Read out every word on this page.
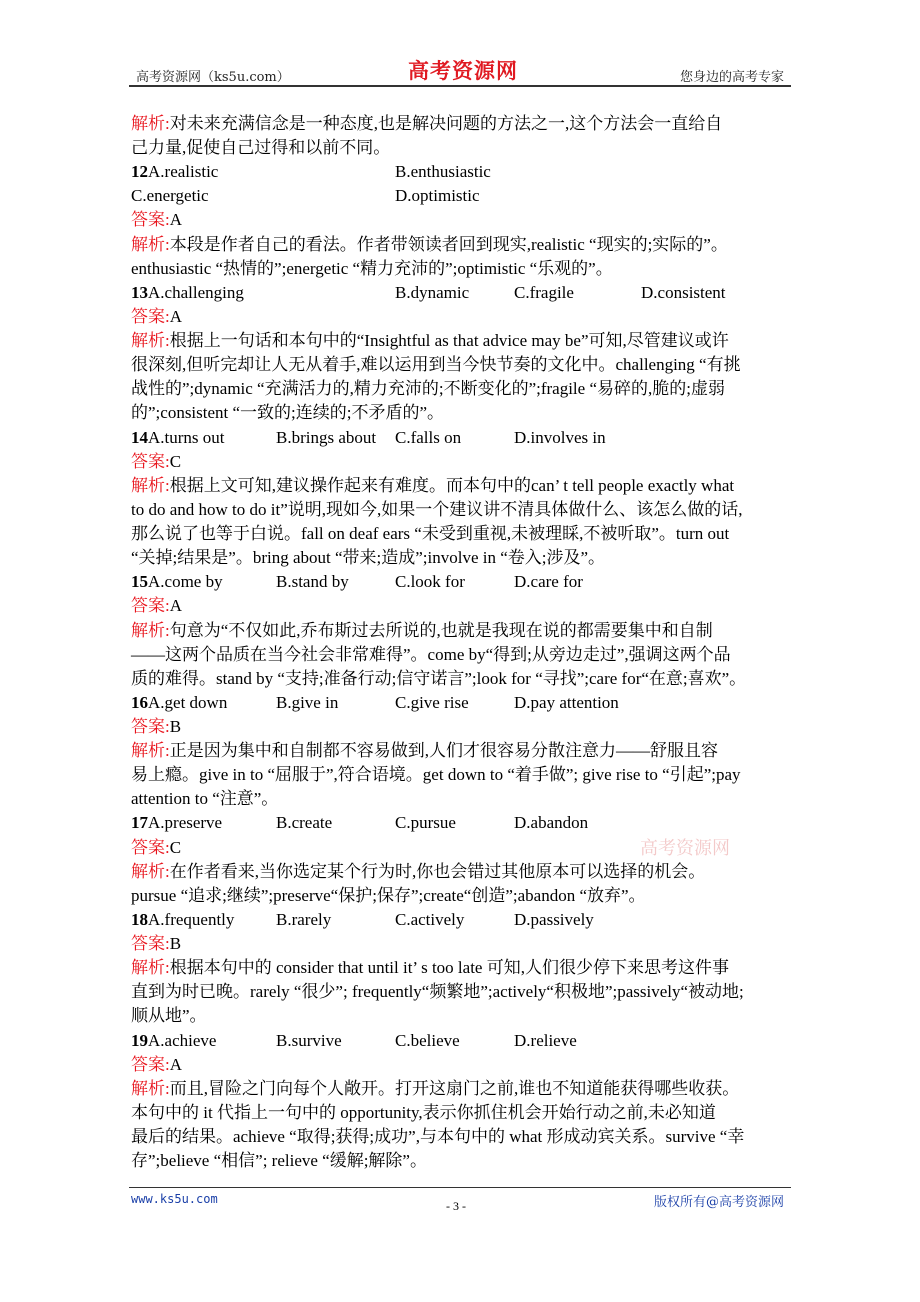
高考资源网（ks5u.com）	高考资源网	您身边的高考专家
解析:对未来充满信念是一种态度,也是解决问题的方法之一,这个方法会一直给自
己力量,促使自己过得和以前不同。
12A.realistic	B.enthusiastic
C.energetic	D.optimistic
答案:A
解析:本段是作者自己的看法。作者带领读者回到现实,realistic “现实的;实际的”。
enthusiastic “热情的”;energetic “精力充沛的”;optimistic “乐观的”。
13A.challenging	B.dynamic	C.fragile	D.consistent
答案:A
解析:根据上一句话和本句中的“Insightful as that advice may be”可知,尽管建议或许
很深刻,但听完却让人无从着手,难以运用到当今快节奏的文化中。challenging “有挑
战性的”;dynamic “充满活力的,精力充沛的;不断变化的”;fragile “易碎的,脆的;虚弱
的”;consistent “一致的;连续的;不矛盾的”。
14A.turns out	B.brings about C.falls on	D.involves in
答案:C
解析:根据上文可知,建议操作起来有难度。而本句中的can’ t tell people exactly what
to do and how to do it”说明,现如今,如果一个建议讲不清具体做什么、该怎么做的话,
那么说了也等于白说。fall on deaf ears “未受到重视,未被理睬,不被听取”。turn out
“关掉;结果是”。bring about “带来;造成”;involve in “卷入;涉及”。
15A.come by	B.stand by	C.look for	D.care for
答案:A
解析:句意为“不仅如此,乔布斯过去所说的,也就是我现在说的都需要集中和自制
——这两个品质在当今社会非常难得”。come by“得到;从旁边走过”,强调这两个品
质的难得。stand by “支持;准备行动;信守诺言”;look for “寻找”;care for“在意;喜欢”。
16A.get down	B.give in	C.give rise	D.pay attention
答案:B
解析:正是因为集中和自制都不容易做到,人们才很容易分散注意力——舒服且容
易上瘾。give in to “屈服于”,符合语境。get down to “着手做”; give rise to “引起”;pay
attention to “注意”。
17A.preserve	B.create	C.pursue	D.abandon
答案:C
解析:在作者看来,当你选定某个行为时,你也会错过其他原本可以选择的机会。
pursue “追求;继续”;preserve“保护;保存”;create“创造”;abandon “放弃”。
18A.frequently B.rarely	C.actively	D.passively
答案:B
解析:根据本句中的 consider that until it’ s too late 可知,人们很少停下来思考这件事
直到为时已晚。rarely “很少”; frequently“频繁地”;actively“积极地”;passively“被动地;
顺从地”。
19A.achieve	B.survive	C.believe	D.relieve
答案:A
解析:而且,冒险之门向每个人敞开。打开这扇门之前,谁也不知道能获得哪些收获。
本句中的 it 代指上一句中的 opportunity,表示你抓住机会开始行动之前,未必知道
最后的结果。achieve “取得;获得;成功”,与本句中的 what 形成动宾关系。survive “幸
存”;believe “相信”; relieve “缓解;解除”。
高考资源网
www.ks5u.com	- 3 -	版权所有@高考资源网
